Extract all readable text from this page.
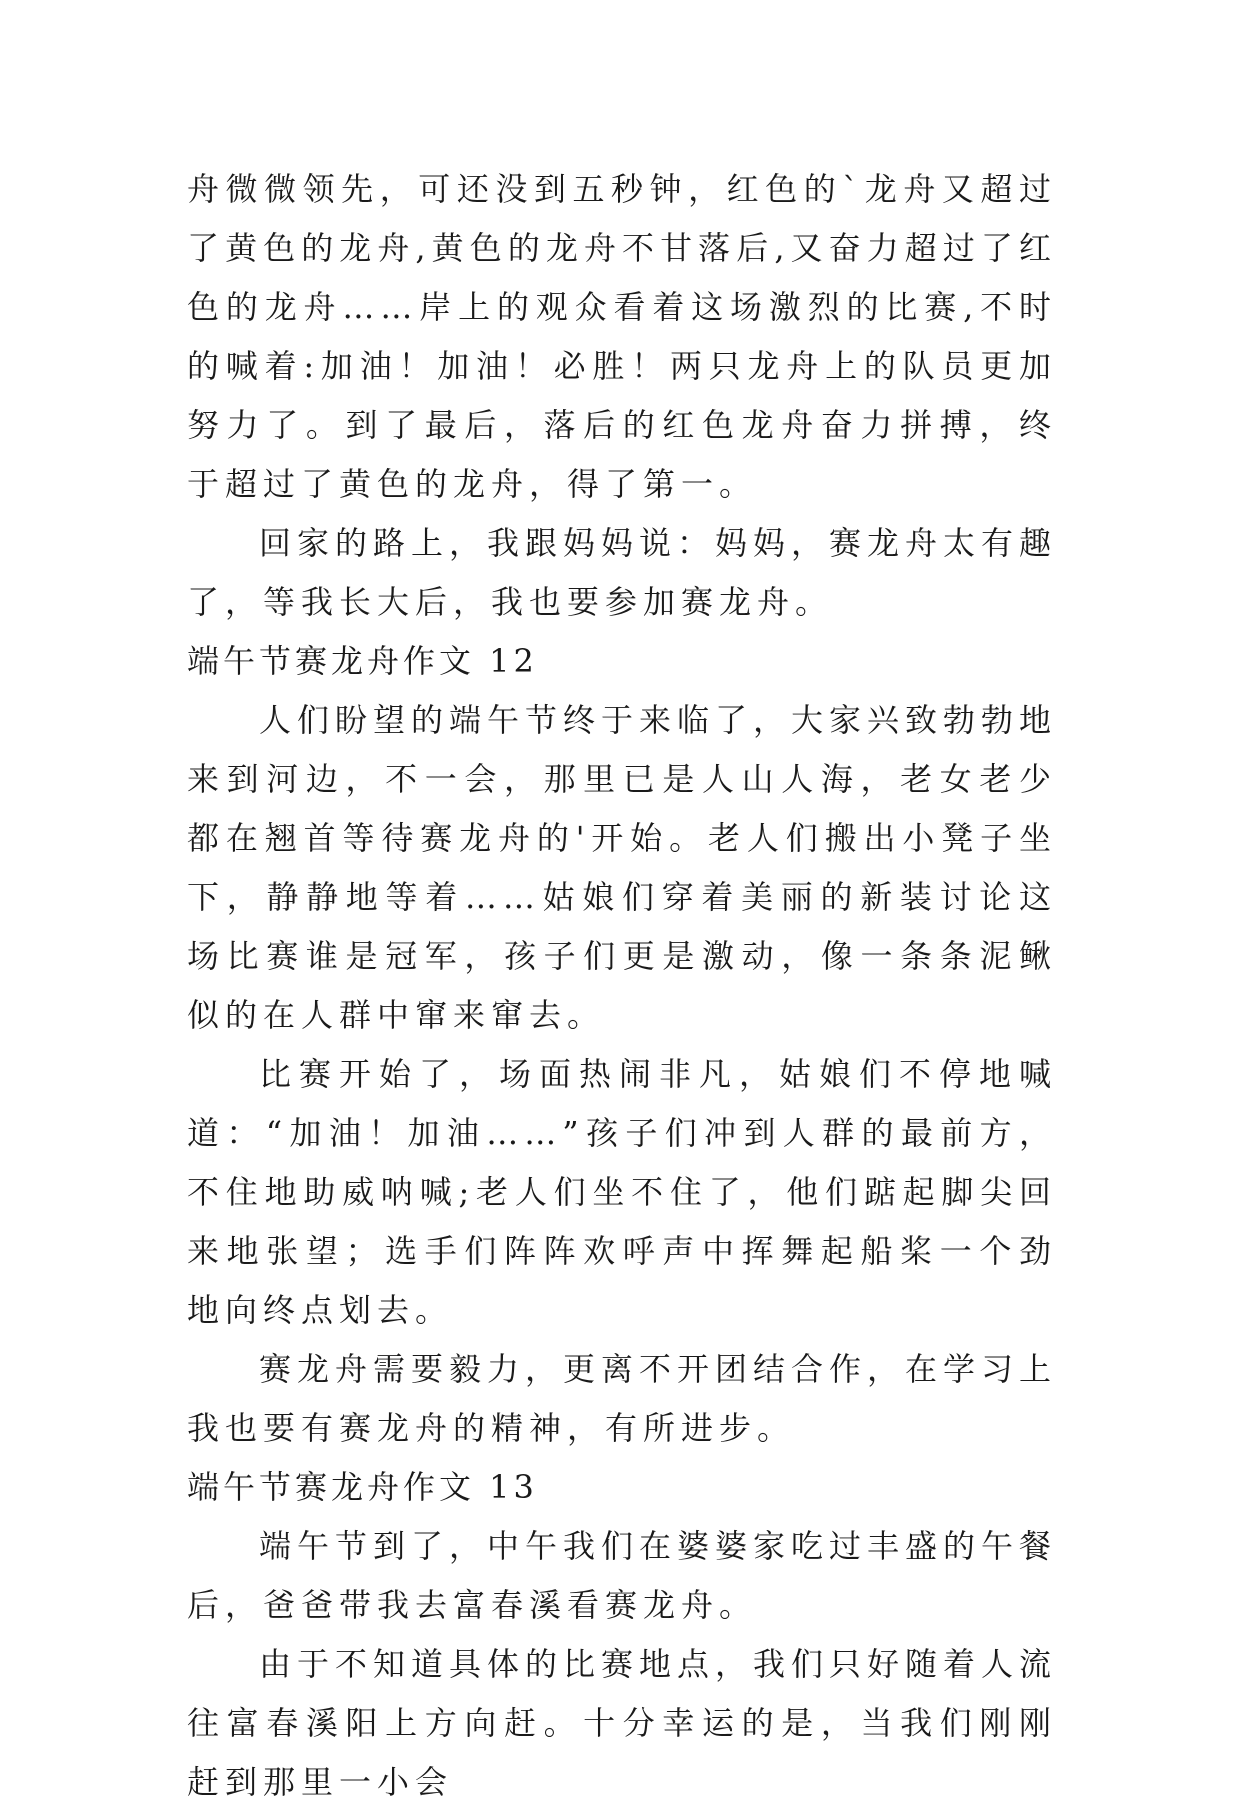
舟微微领先，可还没到五秒钟，红色的`龙舟又超过了黄色的龙舟,黄色的龙舟不甘落后,又奋力超过了红色的龙舟……岸上的观众看着这场激烈的比赛,不时的喊着:加油！加油！必胜！两只龙舟上的队员更加努力了。到了最后，落后的红色龙舟奋力拼搏，终于超过了黄色的龙舟，得了第一。

回家的路上，我跟妈妈说：妈妈，赛龙舟太有趣了，等我长大后，我也要参加赛龙舟。

端午节赛龙舟作文 12

人们盼望的端午节终于来临了，大家兴致勃勃地来到河边，不一会，那里已是人山人海，老女老少都在翘首等待赛龙舟的'开始。老人们搬出小凳子坐下，静静地等着……姑娘们穿着美丽的新装讨论这场比赛谁是冠军，孩子们更是激动，像一条条泥鳅似的在人群中窜来窜去。

比赛开始了，场面热闹非凡，姑娘们不停地喊道：“加油！加油……”孩子们冲到人群的最前方，不住地助威呐喊;老人们坐不住了，他们踮起脚尖回来地张望；选手们阵阵欢呼声中挥舞起船桨一个劲地向终点划去。

赛龙舟需要毅力，更离不开团结合作，在学习上我也要有赛龙舟的精神，有所进步。

端午节赛龙舟作文 13

端午节到了，中午我们在婆婆家吃过丰盛的午餐后，爸爸带我去富春溪看赛龙舟。

由于不知道具体的比赛地点，我们只好随着人流往富春溪阳上方向赶。十分幸运的是，当我们刚刚赶到那里一小会
